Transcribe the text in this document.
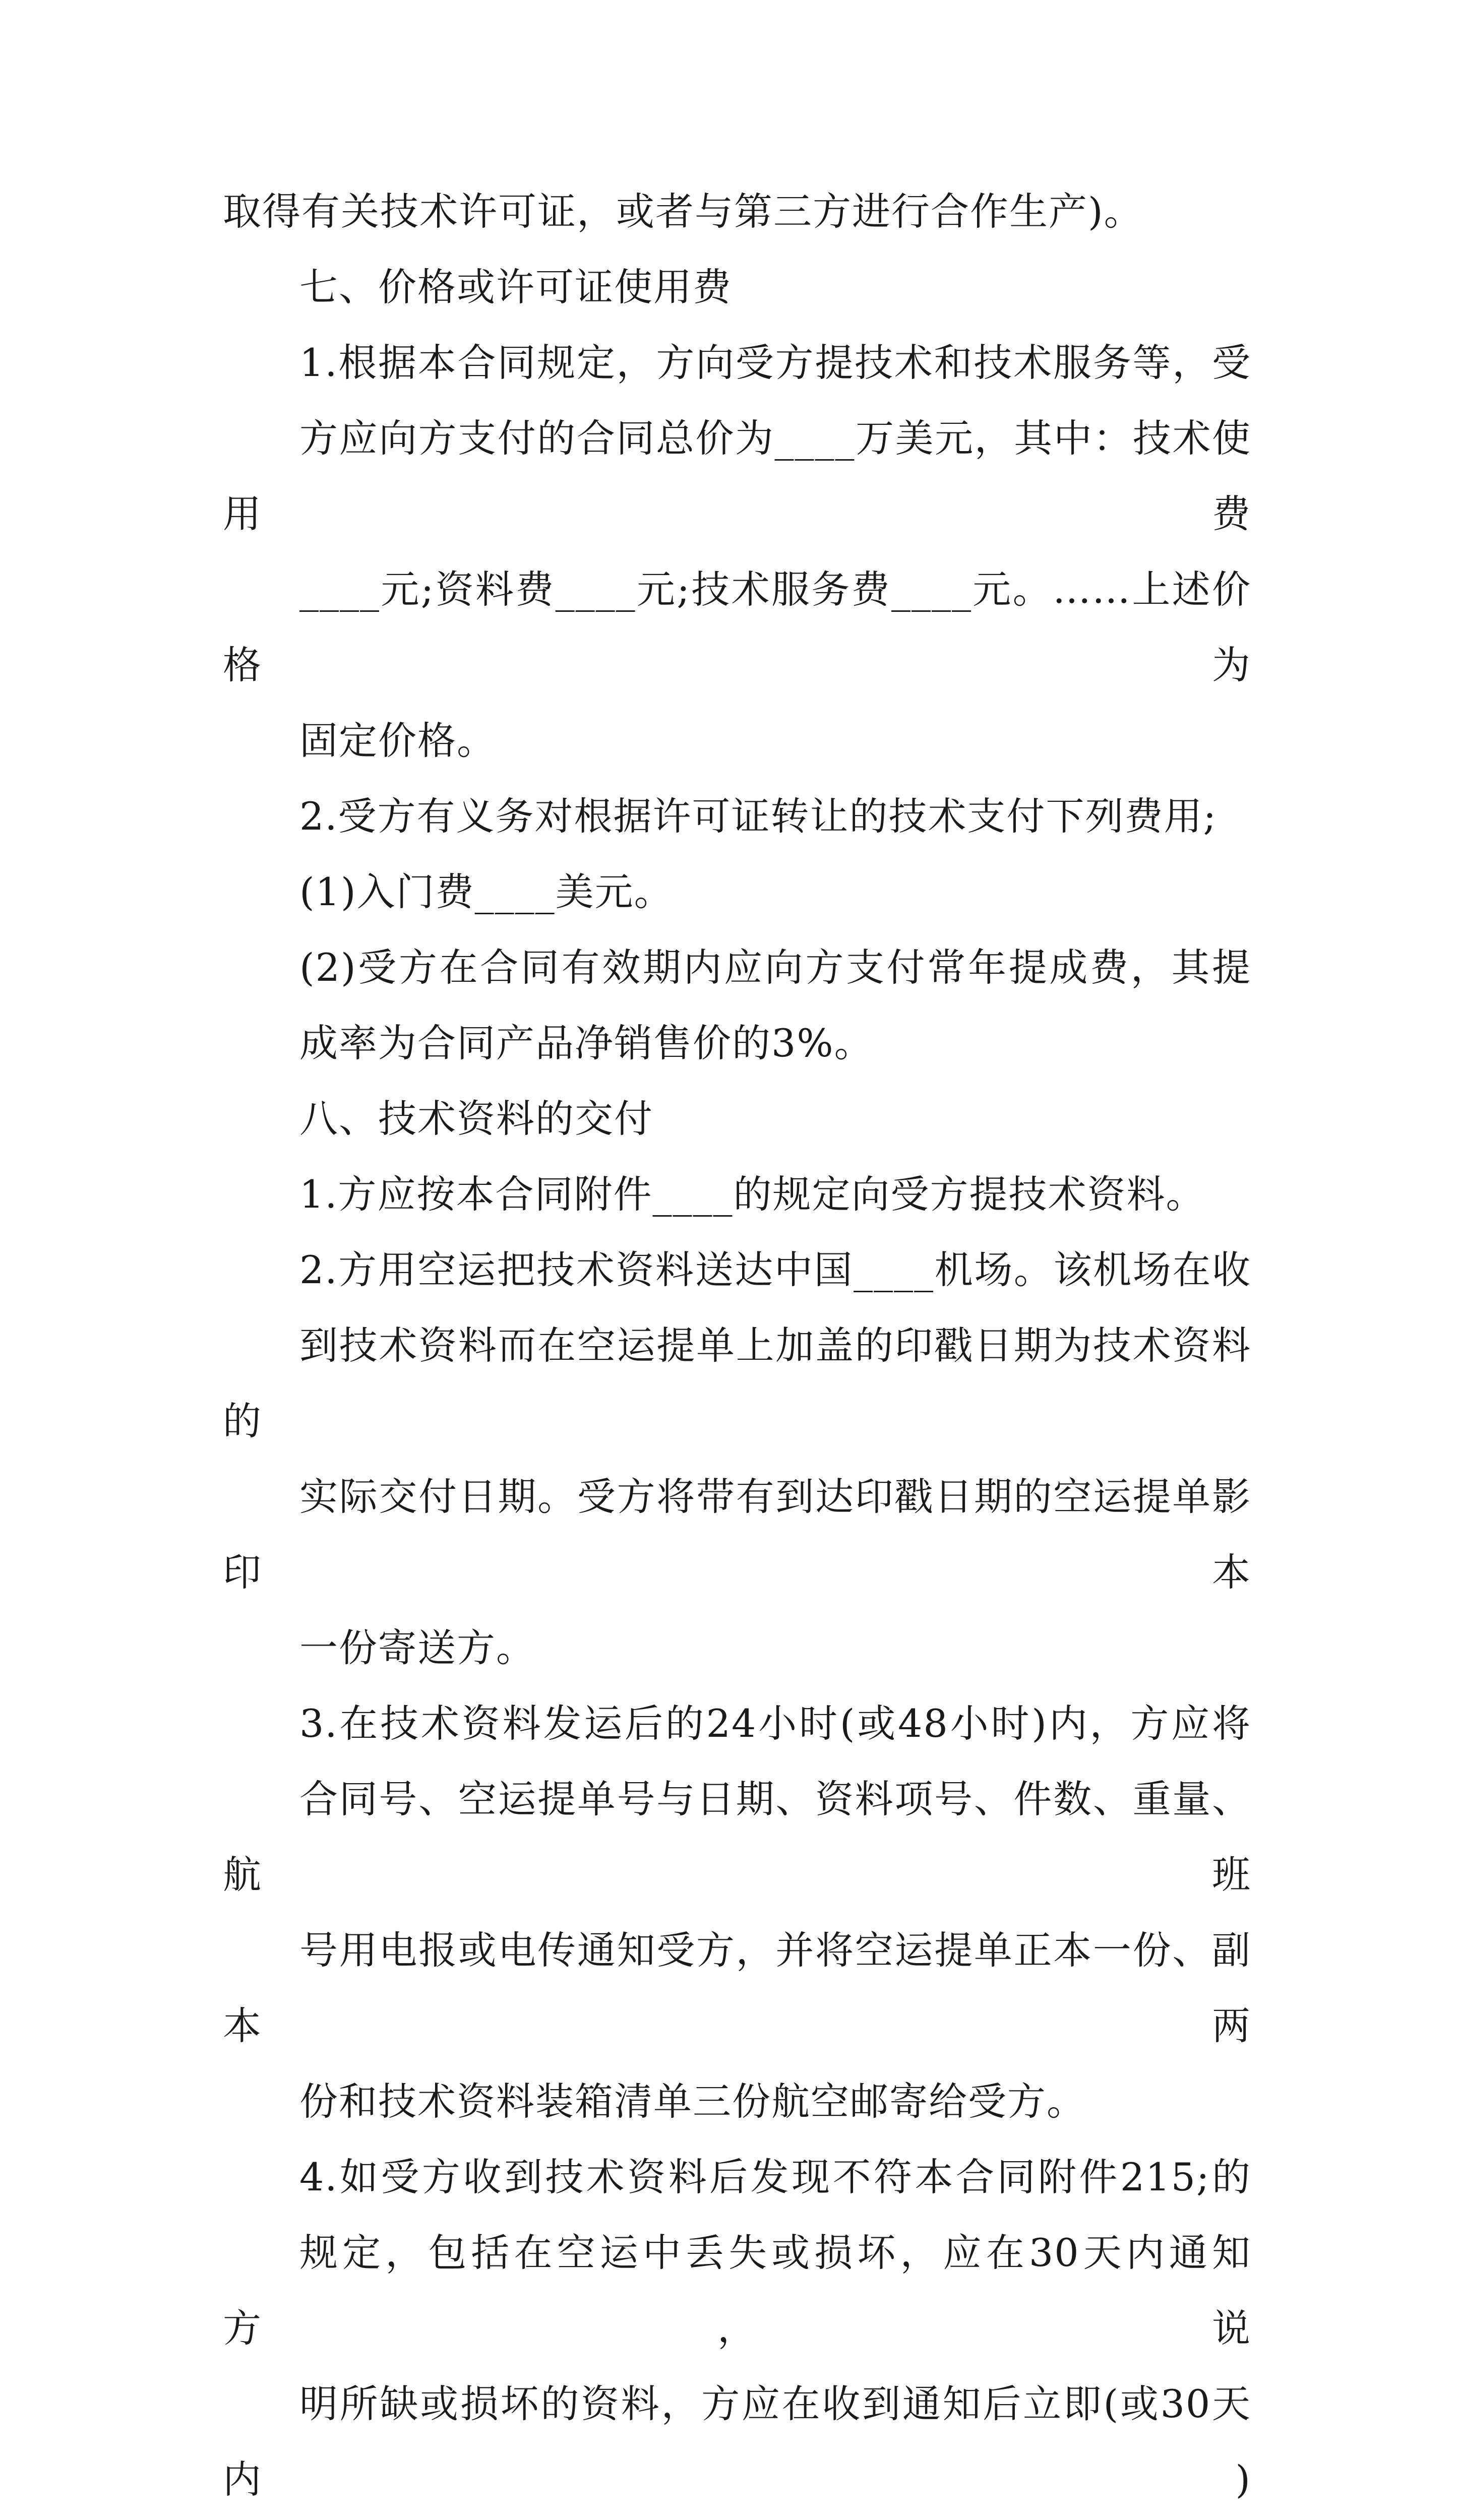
取得有关技术许可证，或者与第三方进行合作生产)。

七、价格或许可证使用费

1.根据本合同规定，方向受方提技术和技术服务等，受
方应向方支付的合同总价为____万美元，其中：技术使用费
____元;资料费____元;技术服务费____元。……上述价格为
固定价格。

2.受方有义务对根据许可证转让的技术支付下列费用;

(1)入门费____美元。

(2)受方在合同有效期内应向方支付常年提成费，其提
成率为合同产品净销售价的3%。

八、技术资料的交付

1.方应按本合同附件____的规定向受方提技术资料。

2.方用空运把技术资料送达中国____机场。该机场在收
到技术资料而在空运提单上加盖的印戳日期为技术资料的
实际交付日期。受方将带有到达印戳日期的空运提单影印本
一份寄送方。

3.在技术资料发运后的24小时(或48小时)内，方应将
合同号、空运提单号与日期、资料项号、件数、重量、航班
号用电报或电传通知受方，并将空运提单正本一份、副本两
份和技术资料装箱清单三份航空邮寄给受方。

4.如受方收到技术资料后发现不符本合同附件215;的
规定，包括在空运中丢失或损坏，应在30天内通知方，说
明所缺或损坏的资料，方应在收到通知后立即(或30天内)
